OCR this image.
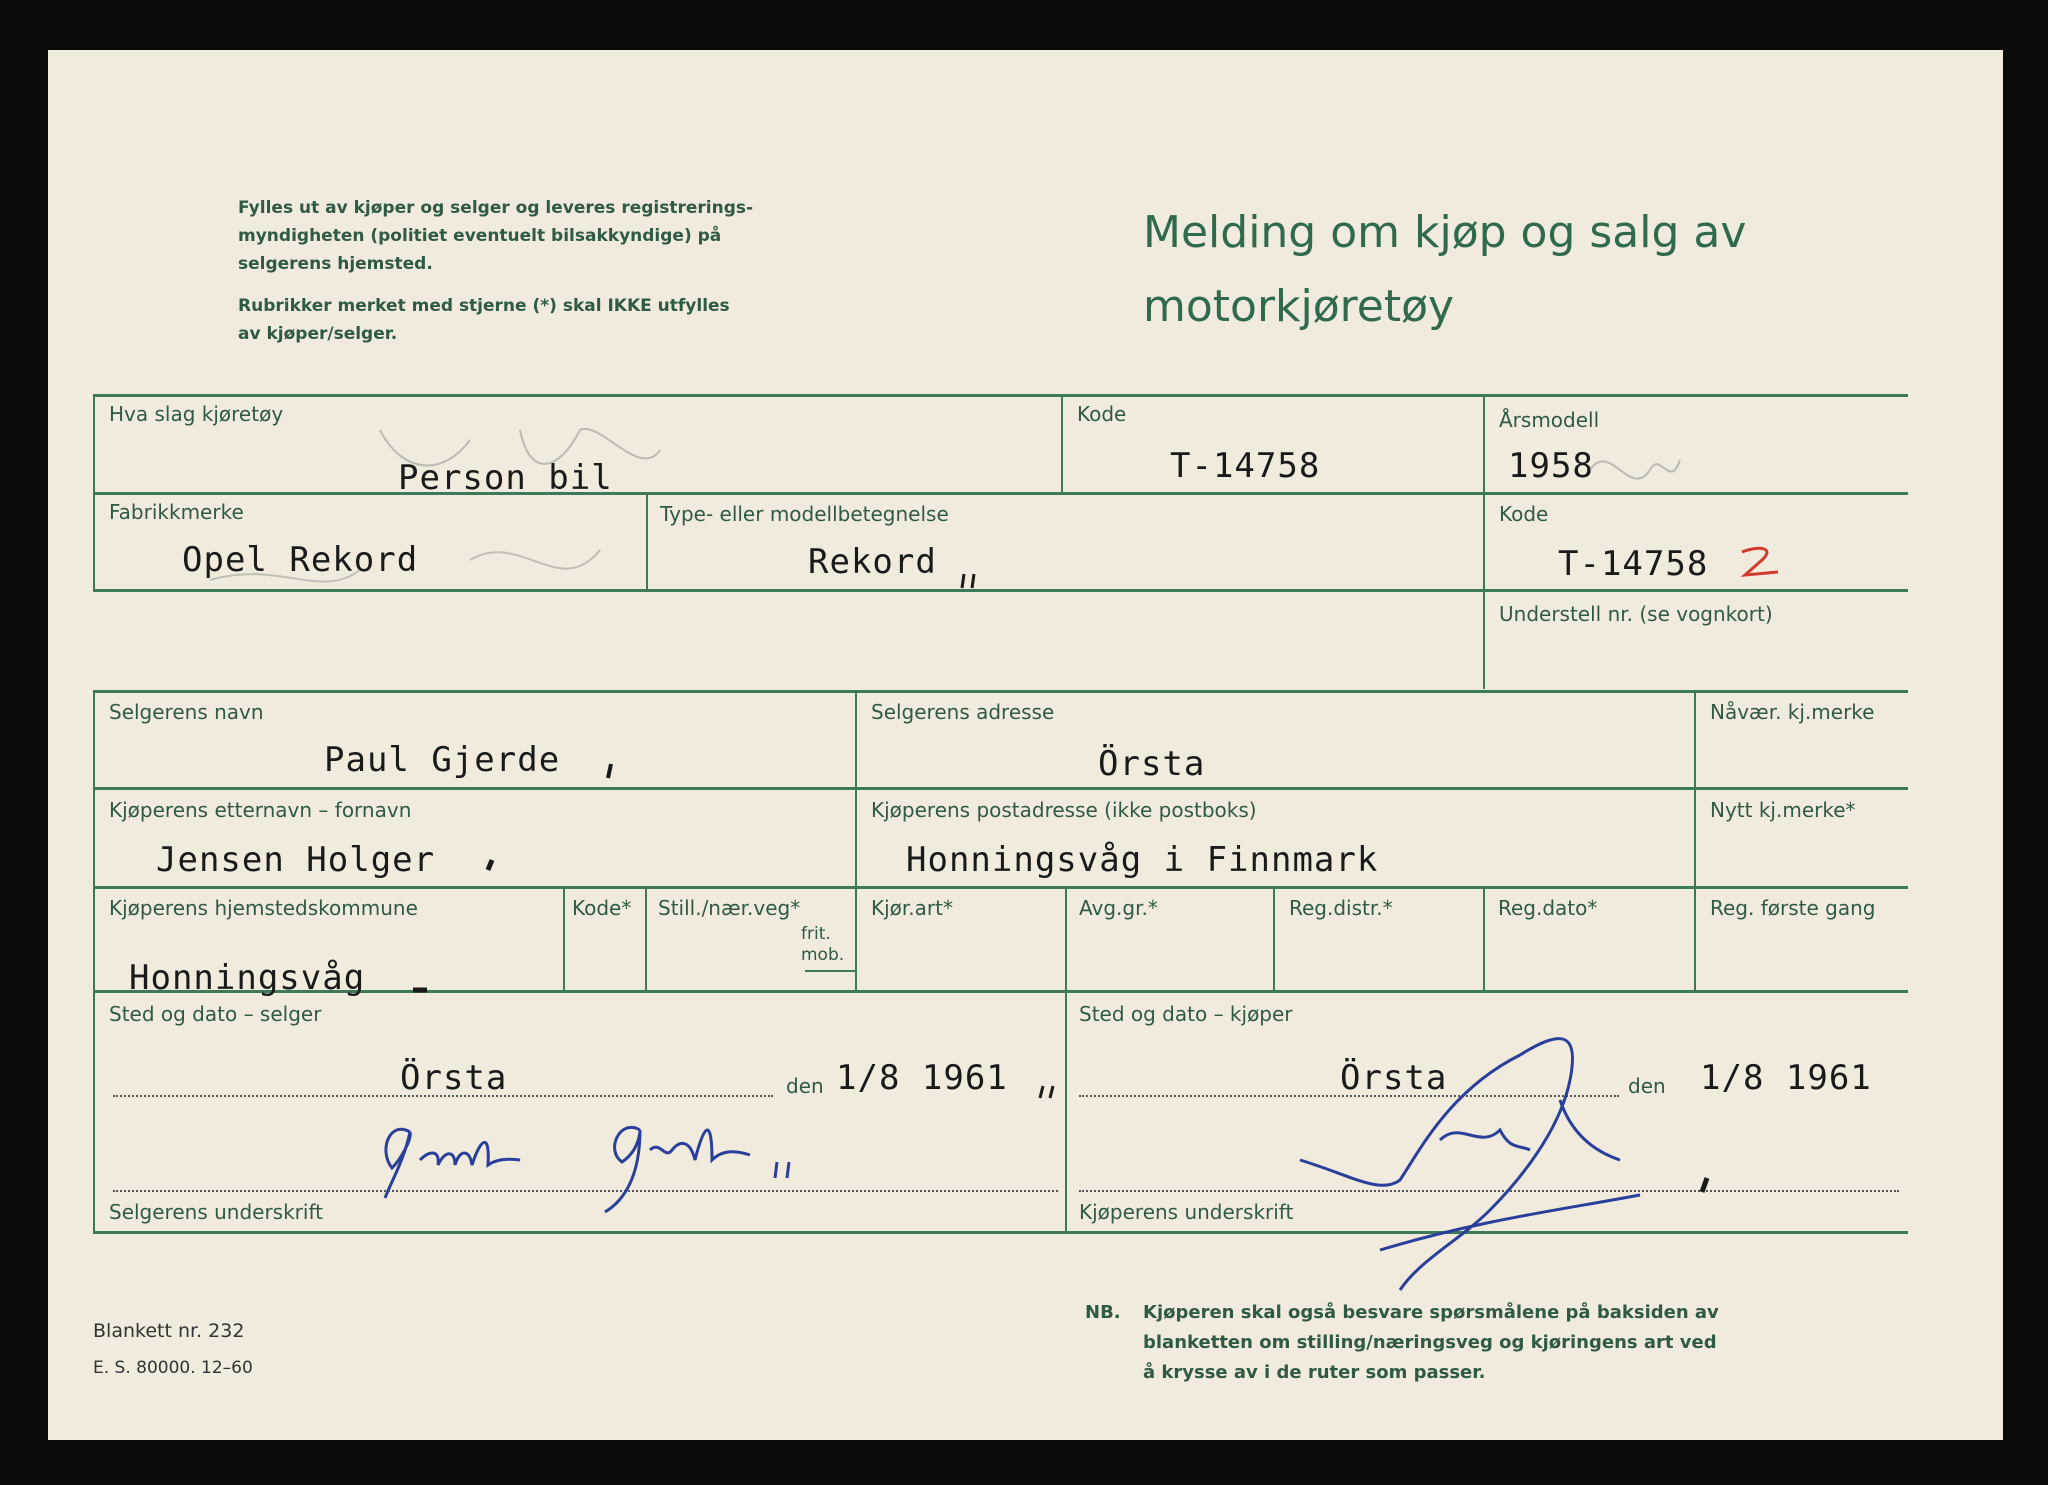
Fylles ut av kjøper og selger og leveres registrerings-
myndigheten (politiet eventuelt bilsakkyndige) på
selgerens hjemsted.
Rubrikker merket med stjerne (*) skal IKKE utfylles
av kjøper/selger.
Melding om kjøp og salg av
motorkjøretøy
Hva slag kjøretøy
Person bil
Kode
T-14758
Årsmodell
1958
Fabrikkmerke
Opel Rekord
Type- eller modellbetegnelse
Rekord
Kode
T-14758
Understell nr. (se vognkort)
Selgerens navn
Paul Gjerde
Selgerens adresse
Örsta
Nåvær. kj.merke
Kjøperens etternavn – fornavn
Jensen Holger
Kjøperens postadresse (ikke postboks)
Honningsvåg i Finnmark
Nytt kj.merke*
Kjøperens hjemstedskommune
Honningsvåg
Kode* Still./nær.veg*
frit.
mob.
Kjør.art*	Avg.gr.*	Reg.distr.*	Reg.dato*	Reg. første gang
Sted og dato – selger	Sted og dato – kjøper
Örsta	den 1/8 1961	Örsta	den 1/8 1961
Selgerens underskrift	Kjøperens underskrift
Blankett nr. 232
E. S. 80000. 12–60
NB. Kjøperen skal også besvare spørsmålene på baksiden av
blanketten om stilling/næringsveg og kjøringens art ved
å krysse av i de ruter som passer.
